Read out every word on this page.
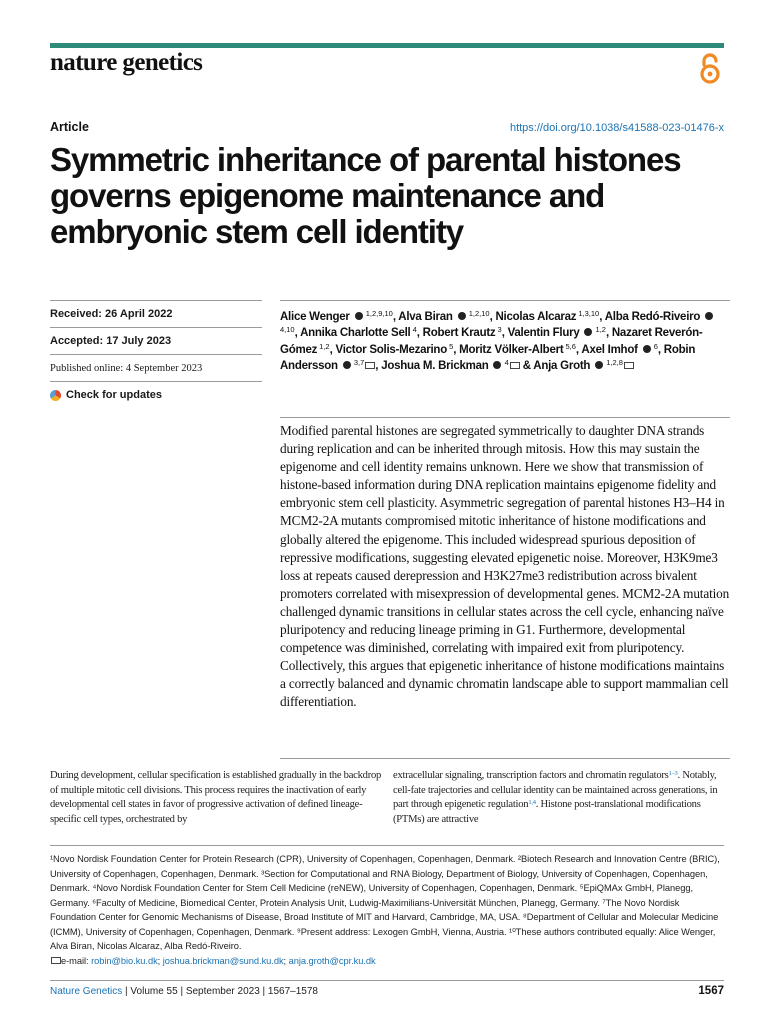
nature genetics
Article	https://doi.org/10.1038/s41588-023-01476-x
Symmetric inheritance of parental histones governs epigenome maintenance and embryonic stem cell identity
Received: 26 April 2022
Accepted: 17 July 2023
Published online: 4 September 2023
Check for updates
Alice Wenger  $^{1,2,9,10}$, Alva Biran  $^{1,2,10}$, Nicolas Alcaraz $^{1,3,10}$, Alba Redó-Riveiro  $^{4,10}$, Annika Charlotte Sell $^4$, Robert Krautz $^3$, Valentin Flury  $^{1,2}$, Nazaret Reverón-Gómez $^{1,2}$, Victor Solis-Mezarino $^5$, Moritz Völker-Albert $^{5,6}$, Axel Imhof  $^6$, Robin Andersson  $^{3,7}$ , Joshua M. Brickman  $^4$ & Anja Groth  $^{1,2,8}$

Modified parental histones are segregated symmetrically to daughter DNA strands during replication and can be inherited through mitosis. How this may sustain the epigenome and cell identity remains unknown. Here we show that transmission of histone-based information during DNA replication maintains epigenome fidelity and embryonic stem cell plasticity. Asymmetric segregation of parental histones H3–H4 in MCM2-2A mutants compromised mitotic inheritance of histone modifications and globally altered the epigenome. This included widespread spurious deposition of repressive modifications, suggesting elevated epigenetic noise. Moreover, H3K9me3 loss at repeats caused derepression and H3K27me3 redistribution across bivalent promoters correlated with misexpression of developmental genes. MCM2-2A mutation challenged dynamic transitions in cellular states across the cell cycle, enhancing naïve pluripotency and reducing lineage priming in G1. Furthermore, developmental competence was diminished, correlating with impaired exit from pluripotency. Collectively, this argues that epigenetic inheritance of histone modifications maintains a correctly balanced and dynamic chromatin landscape able to support mammalian cell differentiation.

During development, cellular specification is established gradually in the backdrop of multiple mitotic cell divisions. This process requires the inactivation of early developmental cell states in favor of progressive activation of defined lineage-specific cell types, orchestrated by

extracellular signaling, transcription factors and chromatin regulators$^{1-3}$. Notably, cell-fate trajectories and cellular identity can be maintained across generations, in part through epigenetic regulation$^{1,4}$. Histone post-translational modifications (PTMs) are attractive

¹Novo Nordisk Foundation Center for Protein Research (CPR), University of Copenhagen, Copenhagen, Denmark. ²Biotech Research and Innovation Centre (BRIC), University of Copenhagen, Copenhagen, Denmark. ³Section for Computational and RNA Biology, Department of Biology, University of Copenhagen, Copenhagen, Denmark. ⁴Novo Nordisk Foundation Center for Stem Cell Medicine (reNEW), University of Copenhagen, Copenhagen, Denmark. ⁵EpiQMAx GmbH, Planegg, Germany. ⁶Faculty of Medicine, Biomedical Center, Protein Analysis Unit, Ludwig-Maximilians-Universität München, Planegg, Germany. ⁷The Novo Nordisk Foundation Center for Genomic Mechanisms of Disease, Broad Institute of MIT and Harvard, Cambridge, MA, USA. ⁸Department of Cellular and Molecular Medicine (ICMM), University of Copenhagen, Copenhagen, Denmark. ⁹Present address: Lexogen GmbH, Vienna, Austria. ¹⁰These authors contributed equally: Alice Wenger, Alva Biran, Nicolas Alcaraz, Alba Redó-Riveiro.
e-mail: robin@bio.ku.dk; joshua.brickman@sund.ku.dk; anja.groth@cpr.ku.dk

Nature Genetics | Volume 55 | September 2023 | 1567–1578	1567
